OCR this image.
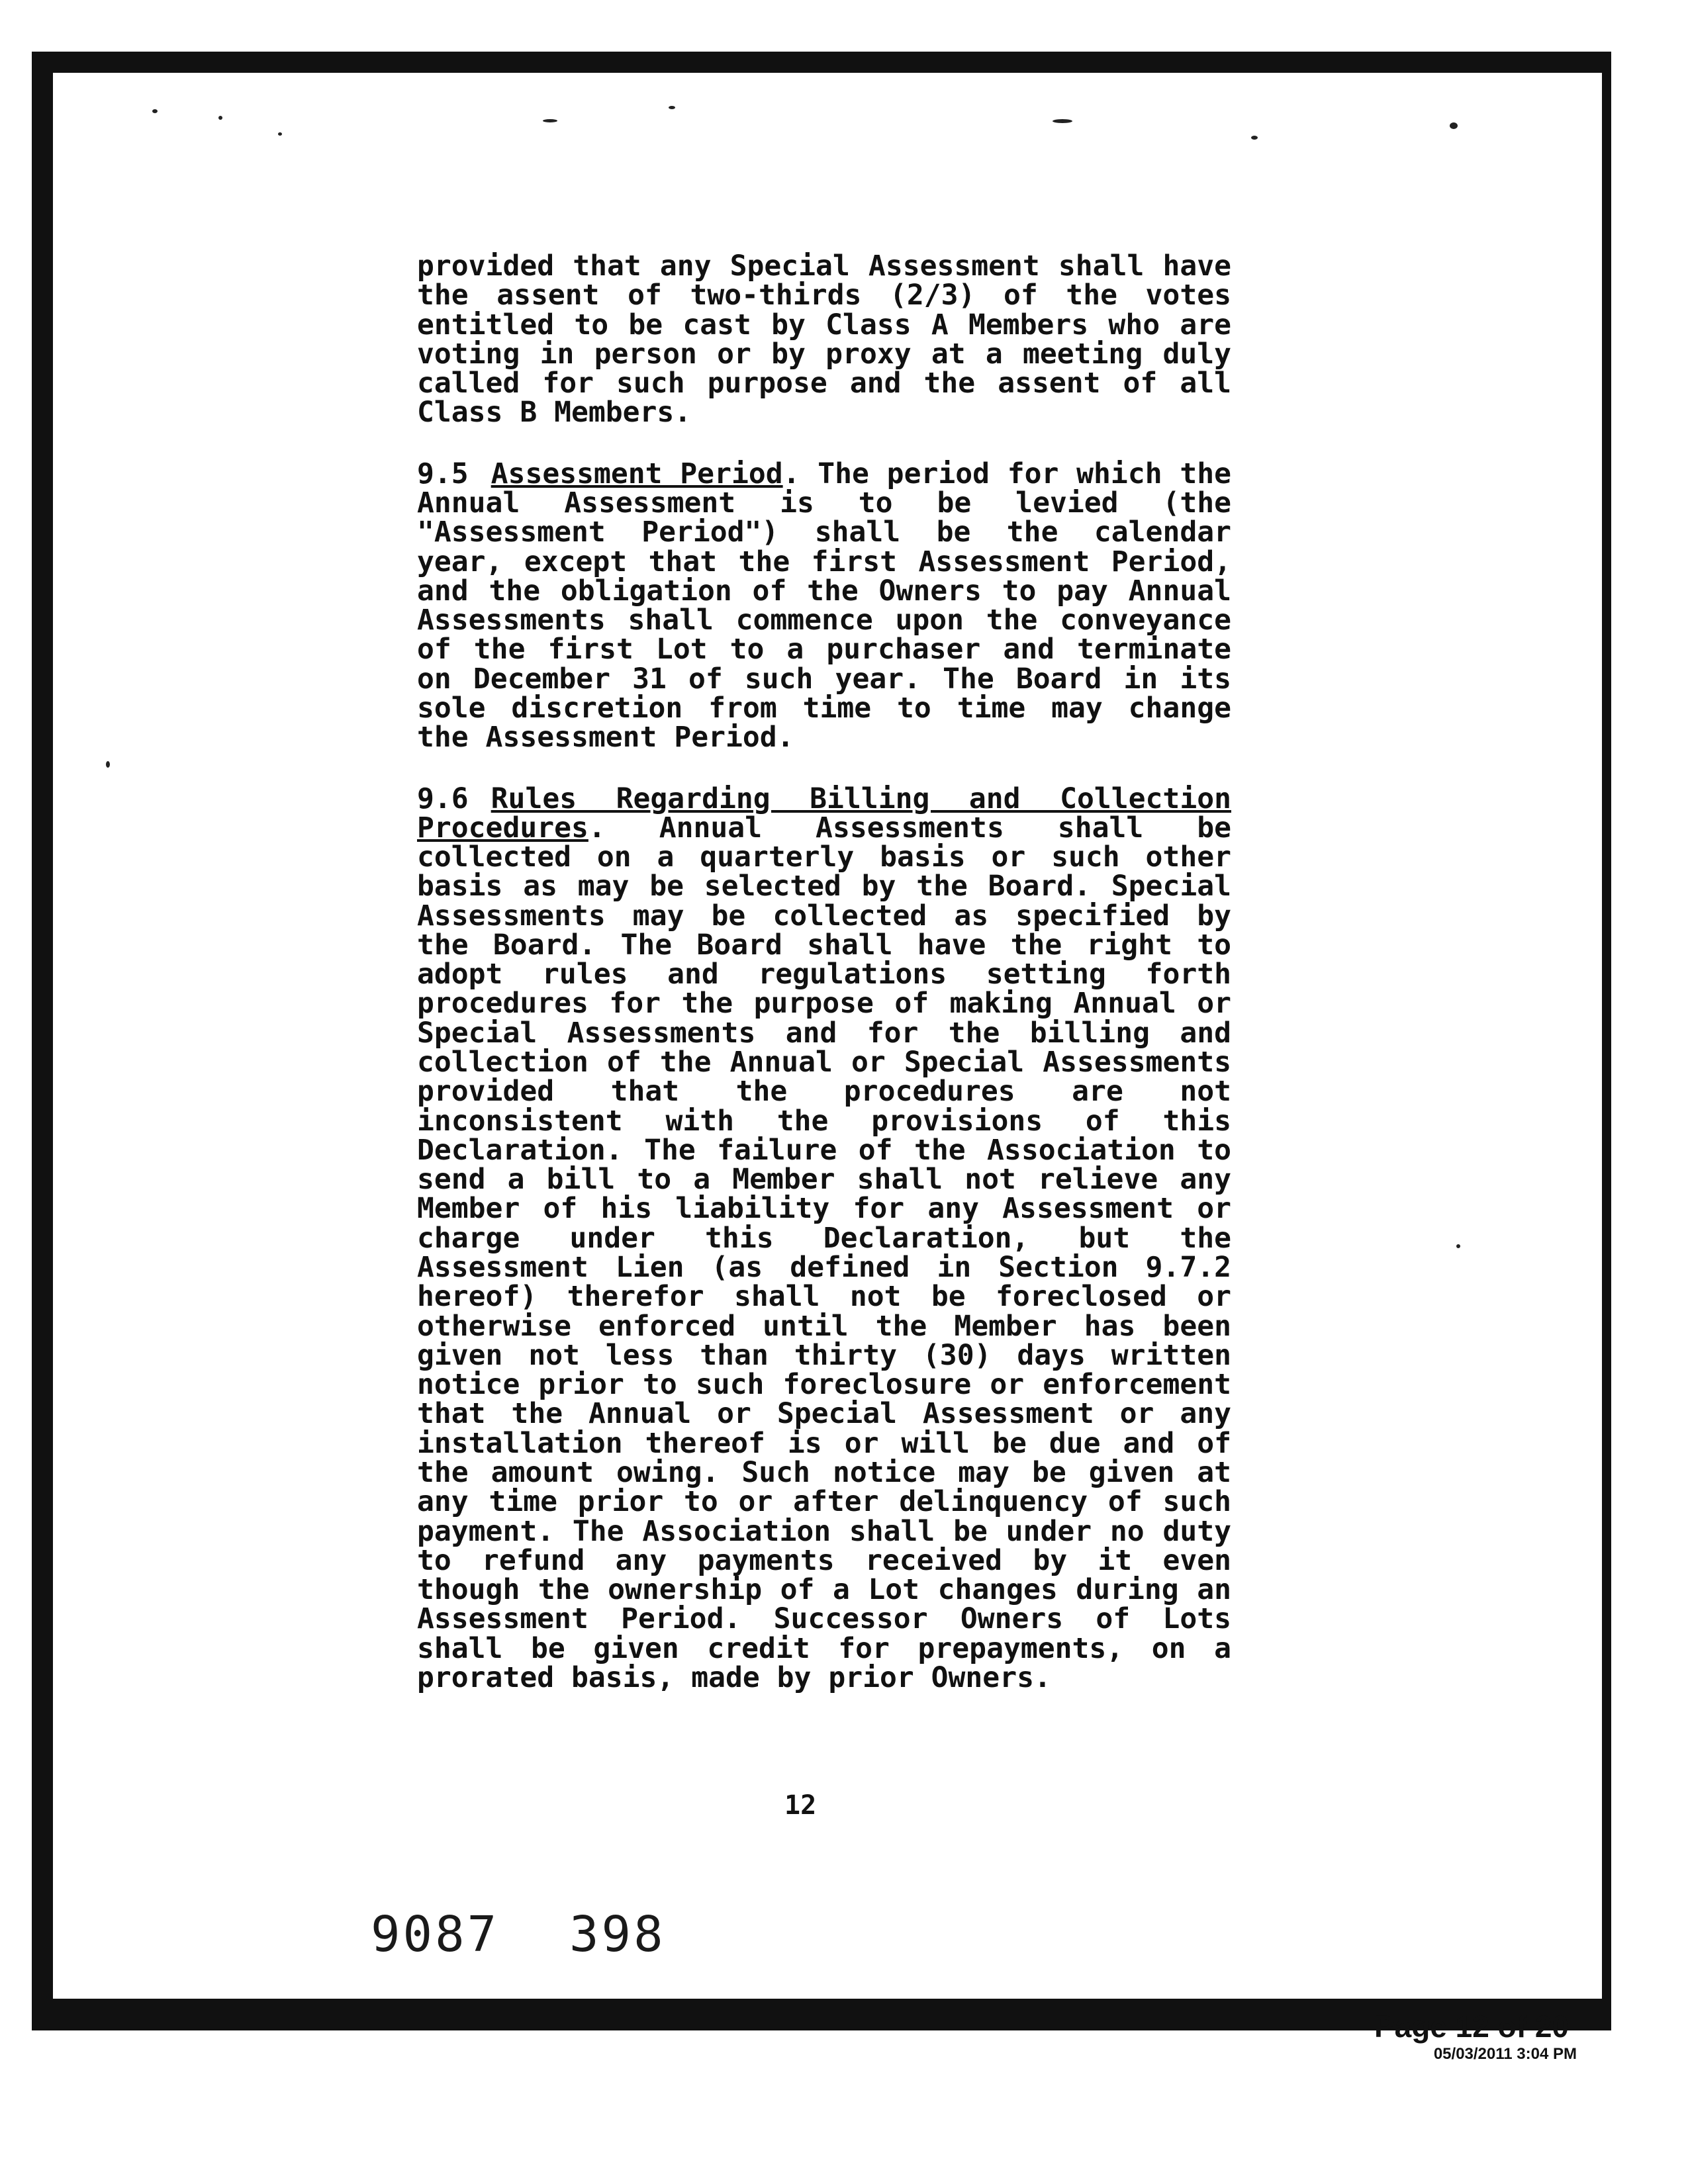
provided that any Special Assessment shall have the assent of two-thirds (2/3) of the votes entitled to be cast by Class A Members who are voting in person or by proxy at a meeting duly called for such purpose and the assent of all Class B Members.

9.5 Assessment Period. The period for which the Annual Assessment is to be levied (the "Assessment Period") shall be the calendar year, except that the first Assessment Period, and the obligation of the Owners to pay Annual Assessments shall commence upon the conveyance of the first Lot to a purchaser and terminate on December 31 of such year. The Board in its sole discretion from time to time may change the Assessment Period.

9.6 Rules Regarding Billing and Collection Procedures. Annual Assessments shall be collected on a quarterly basis or such other basis as may be selected by the Board. Special Assessments may be collected as specified by the Board. The Board shall have the right to adopt rules and regulations setting forth procedures for the purpose of making Annual or Special Assessments and for the billing and collection of the Annual or Special Assessments provided that the procedures are not inconsistent with the provisions of this Declaration. The failure of the Association to send a bill to a Member shall not relieve any Member of his liability for any Assessment or charge under this Declaration, but the Assessment Lien (as defined in Section 9.7.2 hereof) therefor shall not be foreclosed or otherwise enforced until the Member has been given not less than thirty (30) days written notice prior to such foreclosure or enforcement that the Annual or Special Assessment or any installation thereof is or will be due and of the amount owing. Such notice may be given at any time prior to or after delinquency of such payment. The Association shall be under no duty to refund any payments received by it even though the ownership of a Lot changes during an Assessment Period. Successor Owners of Lots shall be given credit for prepayments, on a prorated basis, made by prior Owners.

12
9087 398
Page 12 of 20
05/03/2011 3:04 PM
